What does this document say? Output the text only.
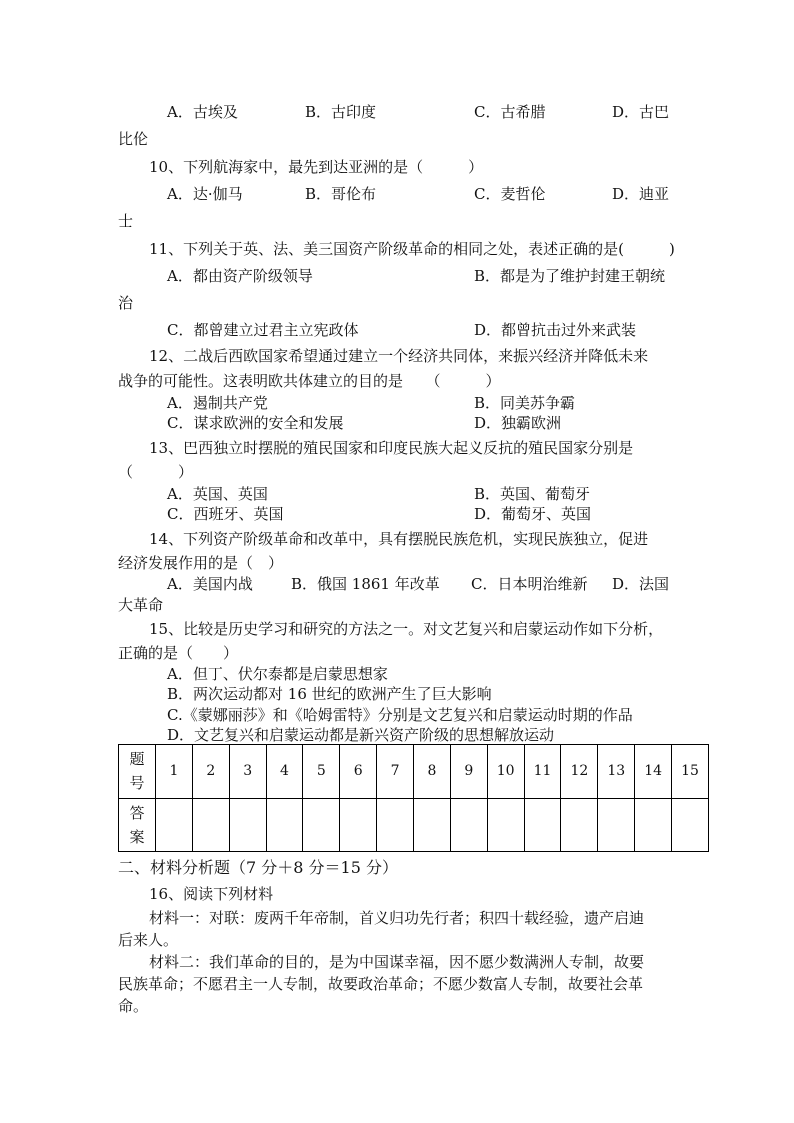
A．古埃及	B．古印度	C．古希腊	D．古巴
比伦
10、下列航海家中，最先到达亚洲的是（　　　）
A．达·伽马	B．哥伦布	C．麦哲伦	D．迪亚
士
11、下列关于英、法、美三国资产阶级革命的相同之处，表述正确的是(　　　)
A．都由资产阶级领导	B．都是为了维护封建王朝统
治
C．都曾建立过君主立宪政体	D．都曾抗击过外来武装
12、二战后西欧国家希望通过建立一个经济共同体，来振兴经济并降低未来
战争的可能性。这表明欧共体建立的目的是　　（　　　）
A．遏制共产党	B．同美苏争霸
C．谋求欧洲的安全和发展	D．独霸欧洲
13、巴西独立时摆脱的殖民国家和印度民族大起义反抗的殖民国家分别是
（　　　）
A．英国、英国	B．英国、葡萄牙
C．西班牙、英国	D．葡萄牙、英国
14、下列资产阶级革命和改革中，具有摆脱民族危机，实现民族独立，促进
经济发展作用的是（　）
A．美国内战	B．俄国 1861 年改革 C．日本明治维新 D．法国
大革命
15、比较是历史学习和研究的方法之一。对文艺复兴和启蒙运动作如下分析，
正确的是（　　）
A．但丁、伏尔泰都是启蒙思想家
B．两次运动都对 16 世纪的欧洲产生了巨大影响
C.《蒙娜丽莎》和《哈姆雷特》分别是文艺复兴和启蒙运动时期的作品
D．文艺复兴和启蒙运动都是新兴资产阶级的思想解放运动
题
号	1	2	3	4	5	6	7	8	9	10	11	12	13	14	15

答
案															

二、材料分析题（7 分＋8 分＝15 分）
16、阅读下列材料
材料一：对联：废两千年帝制，首义归功先行者；积四十载经验，遗产启迪
后来人。
材料二：我们革命的目的，是为中国谋幸福，因不愿少数满洲人专制，故要
民族革命；不愿君主一人专制，故要政治革命；不愿少数富人专制，故要社会革
命。
